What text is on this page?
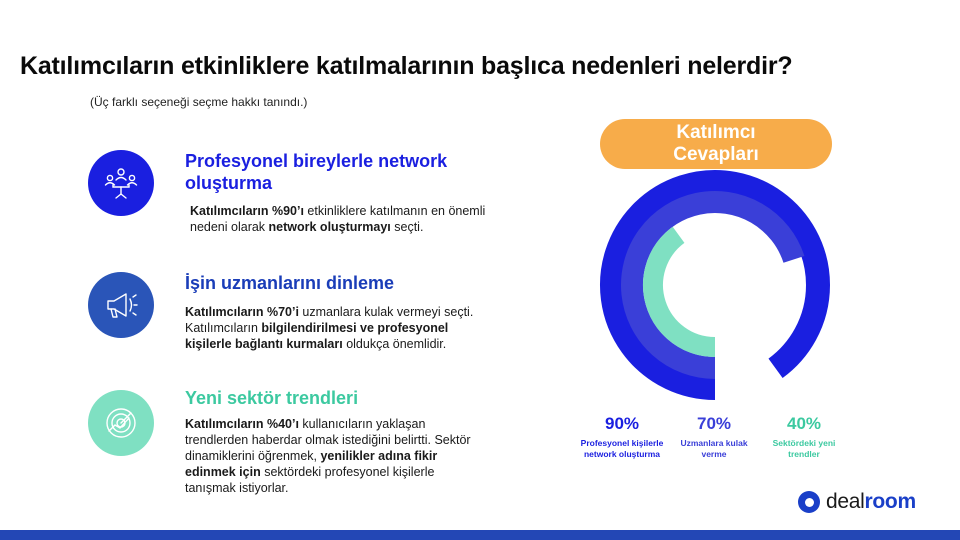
Katılımcıların etkinliklere katılmalarının başlıca nedenleri nelerdir?
(Üç farklı seçeneği seçme hakkı tanındı.)
Profesyonel bireylerle network oluşturma
Katılımcıların %90’ı etkinliklere katılmanın en önemli nedeni olarak network oluşturmayı seçti.
İşin uzmanlarını dinleme
Katılımcıların %70’i uzmanlara kulak vermeyi seçti. Katılımcıların bilgilendirilmesi ve profesyonel kişilerle bağlantı kurmaları oldukça önemlidir.
Yeni sektör trendleri
Katılımcıların %40’ı kullanıcıların yaklaşan trendlerden haberdar olmak istediğini belirtti. Sektör dinamiklerini öğrenmek, yenilikler adına fikir edinmek için sektördeki profesyonel kişilerle tanışmak istiyorlar.
Katılımcı Cevapları
90%
Profesyonel kişilerle network oluşturma
70%
Uzmanlara kulak verme
40%
Sektördeki yeni trendler
dealroom
